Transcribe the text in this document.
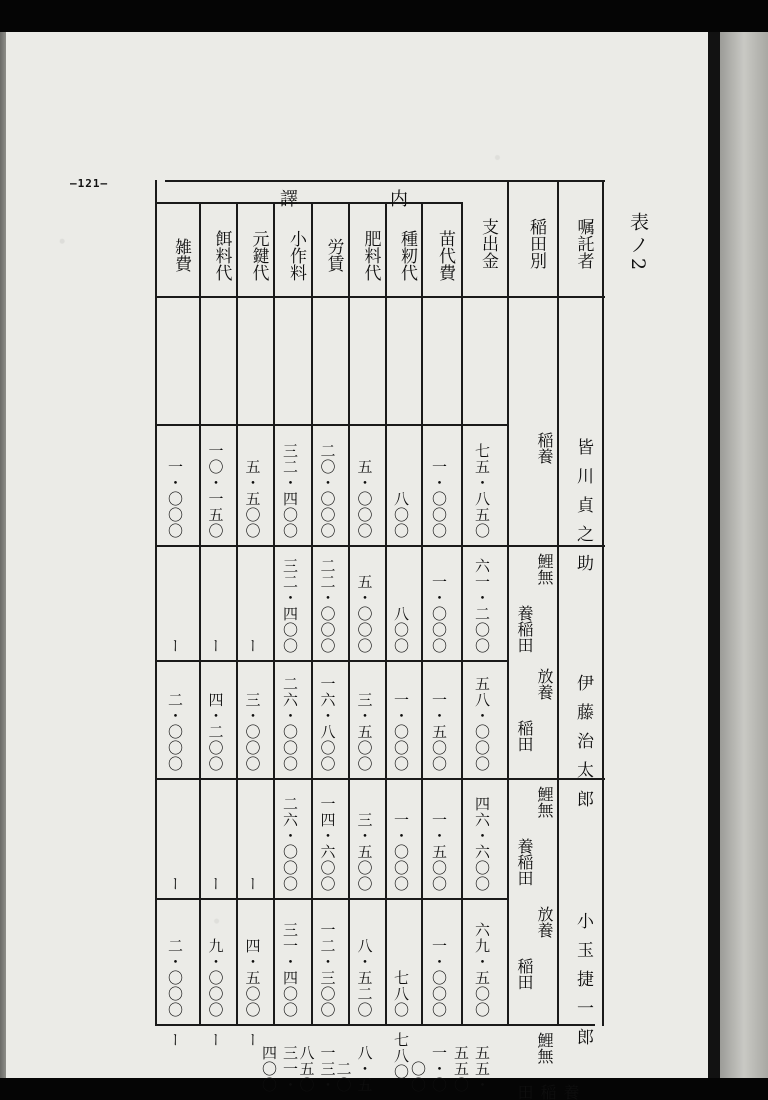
—121—
表ノ2
内
譯
嘱託者
稲田別
支出金
苗代費
種籾代
肥料代
労賃
小作料
元鍵代
餌料代
雑費
皆川貞之助
稲養
七五・八五〇
一・〇〇〇
八〇〇
五・〇〇〇
二〇・〇〇〇
三二・四〇〇
五・五〇〇
一〇・一五〇
一・〇〇〇
鯉無
養稲田
六一・二〇〇
一・〇〇〇
八〇〇
五・〇〇〇
二二・〇〇〇
三二・四〇〇
ー
ー
ー
伊藤治太郎
放養
稲田
五八・〇〇〇
一・五〇〇
一・〇〇〇
三・五〇〇
一六・八〇〇
二六・〇〇〇
三・〇〇〇
四・二〇〇
二・〇〇〇
鯉無
養稲田
四六・六〇〇
一・五〇〇
一・〇〇〇
三・五〇〇
一四・六〇〇
二六・〇〇〇
ー
ー
ー
小玉捷一郎
放養
稲田
六九・五〇〇
一・〇〇〇
七八〇
八・五二〇
一二・三〇〇
三一・四〇〇
四・五〇〇
九・〇〇〇
二・〇〇〇
鯉無
養稲田
五五・五五〇
一・〇〇〇
七八〇
八・五二〇
一三・八五〇
三一・四〇〇
ー
ー
ー
